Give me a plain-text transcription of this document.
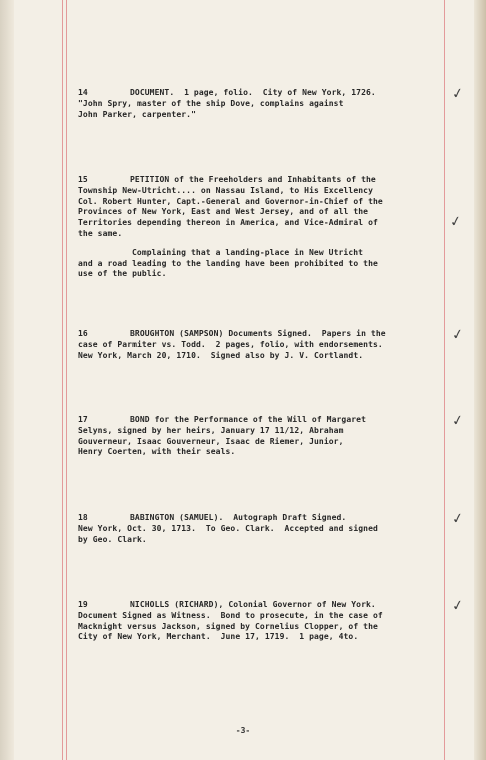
14	DOCUMENT.  1 page, folio.  City of New York, 1726.
"John Spry, master of the ship Dove, complains against
John Parker, carpenter."
15	PETITION of the Freeholders and Inhabitants of the
Township New-Utricht.... on Nassau Island, to His Excellency
Col. Robert Hunter, Capt.-General and Governor-in-Chief of the
Provinces of New York, East and West Jersey, and of all the
Territories depending thereon in America, and Vice-Admiral of
the same.
Complaining that a landing-place in New Utricht
and a road leading to the landing have been prohibited to the
use of the public.
16	BROUGHTON (SAMPSON) Documents Signed.  Papers in the
case of Parmiter vs. Todd.  2 pages, folio, with endorsements.
New York, March 20, 1710.  Signed also by J. V. Cortlandt.
17	BOND for the Performance of the Will of Margaret
Selyns, signed by her heirs, January 17 11/12, Abraham
Gouverneur, Isaac Gouverneur, Isaac de Riemer, Junior,
Henry Coerten, with their seals.
18	BABINGTON (SAMUEL).  Autograph Draft Signed.
New York, Oct. 30, 1713.  To Geo. Clark.  Accepted and signed
by Geo. Clark.
19	NICHOLLS (RICHARD), Colonial Governor of New York.
Document Signed as Witness.  Bond to prosecute, in the case of
Macknight versus Jackson, signed by Cornelius Clopper, of the
City of New York, Merchant.  June 17, 1719.  1 page, 4to.
✓
✓
✓
✓
✓
✓
-3-
